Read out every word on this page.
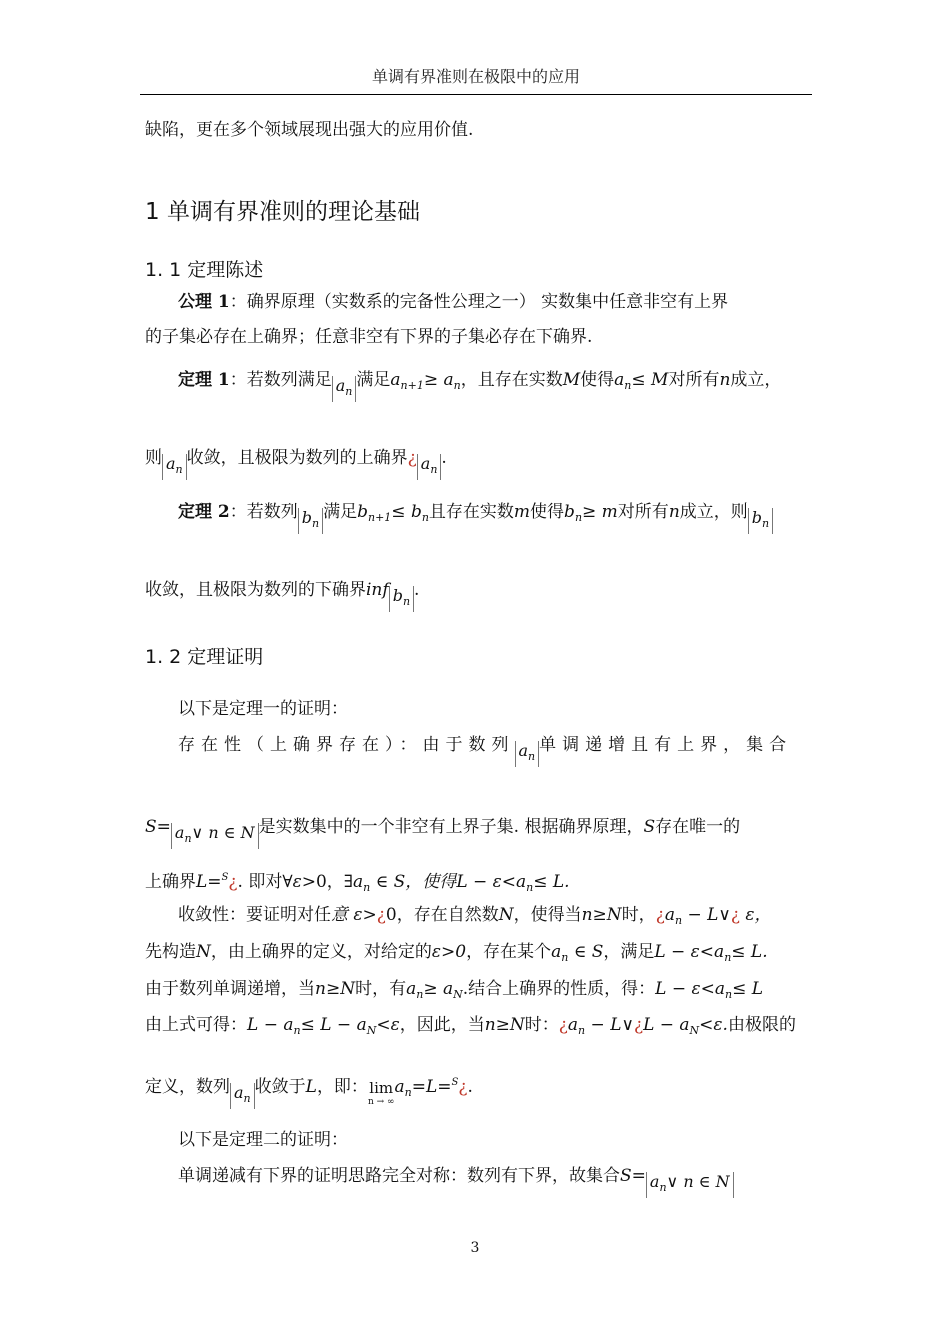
单调有界准则在极限中的应用
缺陷，更在多个领域展现出强大的应用价值.
1 单调有界准则的理论基础
1. 1 定理陈述
公理 1：确界原理（实数系的完备性公理之一） 实数集中任意非空有上界
的子集必存在上确界；任意非空有下界的子集必存在下确界.
定理 1：若数列满足 $a_n$满足$a_{n+1}\ge a_n$，且存在实数M使得$a_n\le M$对所有n成立，
则 $a_n$收敛，且极限为数列的上确界¿ $a_n$.
定理 2：若数列 $b_n$满足$b_{n+1}\le b_n$且存在实数m使得$b_n\ge m$对所有n成立，则 $b_n$
收敛，且极限为数列的下确界inf $b_n$.
1. 2 定理证明
以下是定理一的证明：
存在性（上确界存在）：由于数列 $a_n$单调递增且有上界，集合
$S= a_n\vee$ n ∈ N 是实数集中的一个非空有上界子集. 根据确界原理，S存在唯一的
上确界L=$^S$¿. 即对∀ε>0，$\exists a_n$ ∈ S，使得$L - \varepsilon<a_n\le L$.
收敛性：要证明对任意 ε>¿0，存在自然数N，使得当n≥N时，¿$a_n$ − L∨¿ ε，
先构造N，由上确界的定义，对给定的ε>0，存在某个$a_n$ ∈ S，满足$L - \varepsilon<a_n\le L$.
由于数列单调递增，当n≥N时，有$a_n\ge a_N$.结合上确界的性质，得：$L - \varepsilon<a_n\le L$
由上式可得：$L - a_n\le L - a_N<\varepsilon$，因此，当n≥N时：¿$a_n$ − L∨¿L − $a_N<\varepsilon$.由极限的
定义，数列 $a_n$收敛于L，即： lim
n → ∞
$a_n=L=^S¿$.
以下是定理二的证明：
单调递减有下界的证明思路完全对称：数列有下界，故集合$S= a_n\vee$ n ∈ N
3
